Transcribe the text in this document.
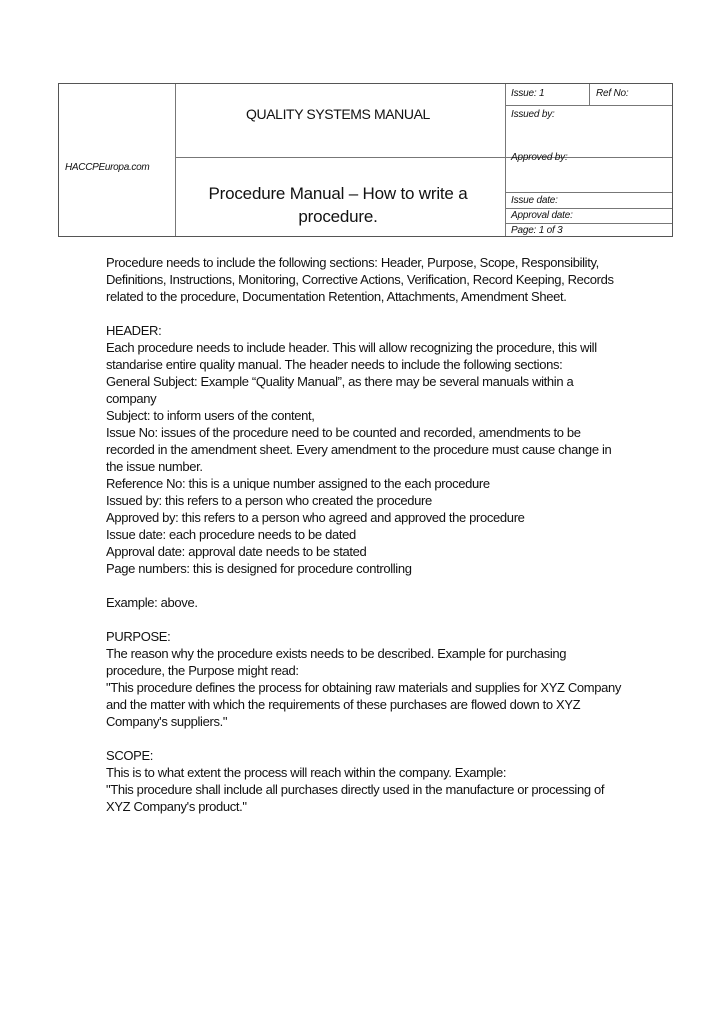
HACCPEuropa.com
QUALITY SYSTEMS MANUAL
Procedure Manual – How to write a
procedure.
Issue: 1	Ref No:
Issued by:
Approved by:
Issue date:
Approval date:
Page: 1 of 3

Procedure needs to include the following sections: Header, Purpose, Scope, Responsibility, Definitions, Instructions, Monitoring, Corrective Actions, Verification, Record Keeping, Records related to the procedure, Documentation Retention, Attachments, Amendment Sheet.

HEADER:
Each procedure needs to include header. This will allow recognizing the procedure, this will standarise entire quality manual. The header needs to include the following sections:
General Subject: Example “Quality Manual”, as there may be several manuals within a company
Subject: to inform users of the content,
Issue No: issues of the procedure need to be counted and recorded, amendments to be recorded in the amendment sheet. Every amendment to the procedure must cause change in the issue number.
Reference No: this is a unique number assigned to the each procedure
Issued by: this refers to a person who created the procedure
Approved by: this refers to a person who agreed and approved the procedure
Issue date: each procedure needs to be dated
Approval date: approval date needs to be stated
Page numbers: this is designed for procedure controlling

Example: above.

PURPOSE:
The reason why the procedure exists needs to be described. Example for purchasing procedure, the Purpose might read:
"This procedure defines the process for obtaining raw materials and supplies for XYZ Company and the matter with which the requirements of these purchases are flowed down to XYZ Company's suppliers."

SCOPE:
This is to what extent the process will reach within the company. Example:
"This procedure shall include all purchases directly used in the manufacture or processing of XYZ Company's product."
